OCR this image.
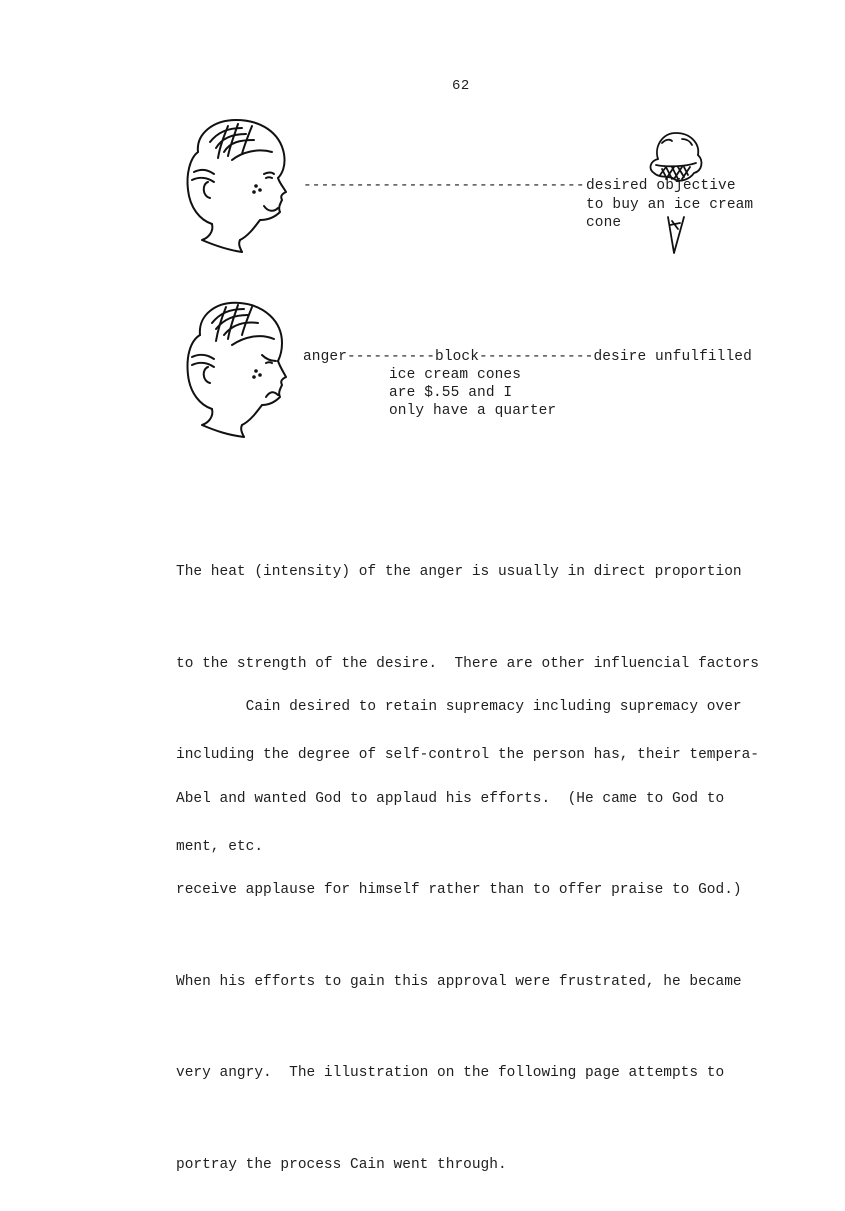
62
-------------------------------- desired objective
to buy an ice cream
cone
anger----------block-------------desire unfulfilled
ice cream cones
are $.55 and I
only have a quarter

The heat (intensity) of the anger is usually in direct proportion

to the strength of the desire.  There are other influencial factors

including the degree of self-control the person has, their tempera-

ment, etc.

Cain desired to retain supremacy including supremacy over

Abel and wanted God to applaud his efforts.  (He came to God to

receive applause for himself rather than to offer praise to God.)

When his efforts to gain this approval were frustrated, he became

very angry.  The illustration on the following page attempts to

portray the process Cain went through.
